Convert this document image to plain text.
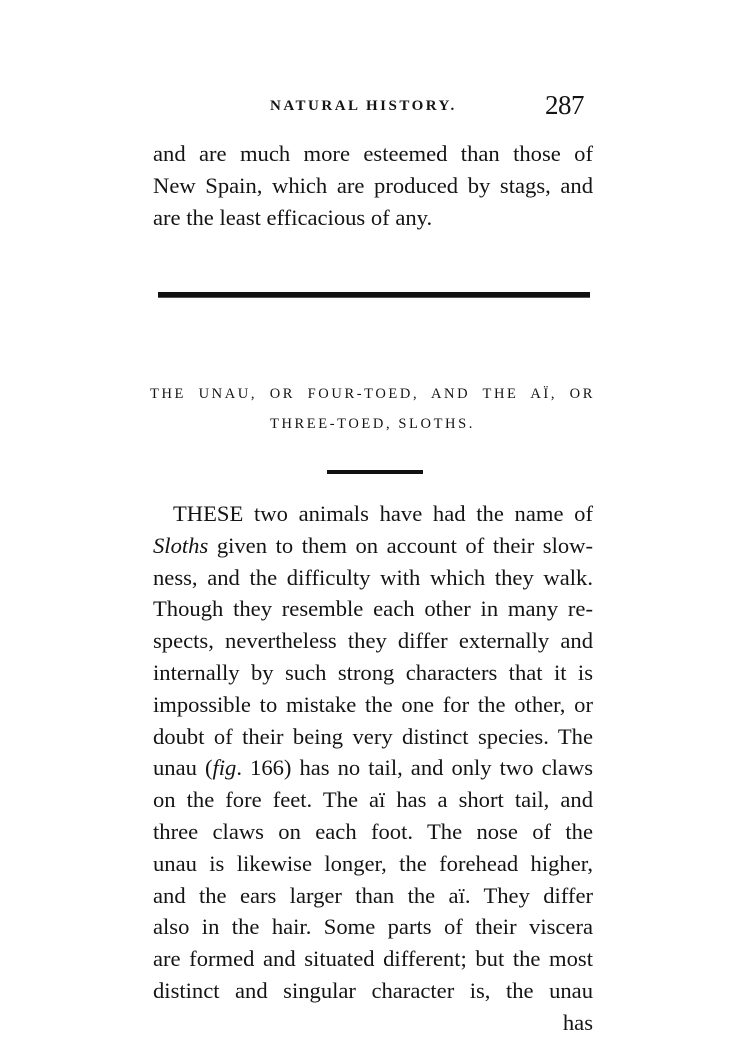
NATURAL HISTORY.	287
and are much more esteemed than those of
New Spain, which are produced by stags, and
are the least efficacious of any.
THE UNAU, OR FOUR-TOED, AND THE AÏ, OR
THREE-TOED, SLOTHS.
THESE two animals have had the name of
Sloths given to them on account of their slow-
ness, and the difficulty with which they walk.
Though they resemble each other in many re-
spects, nevertheless they differ externally and
internally by such strong characters that it is
impossible to mistake the one for the other, or
doubt of their being very distinct species. The
unau (fig. 166) has no tail, and only two claws
on the fore feet. The aï has a short tail, and
three claws on each foot. The nose of the
unau is likewise longer, the forehead higher,
and the ears larger than the aï. They differ
also in the hair. Some parts of their viscera
are formed and situated different; but the most
distinct and singular character is, the unau
has
